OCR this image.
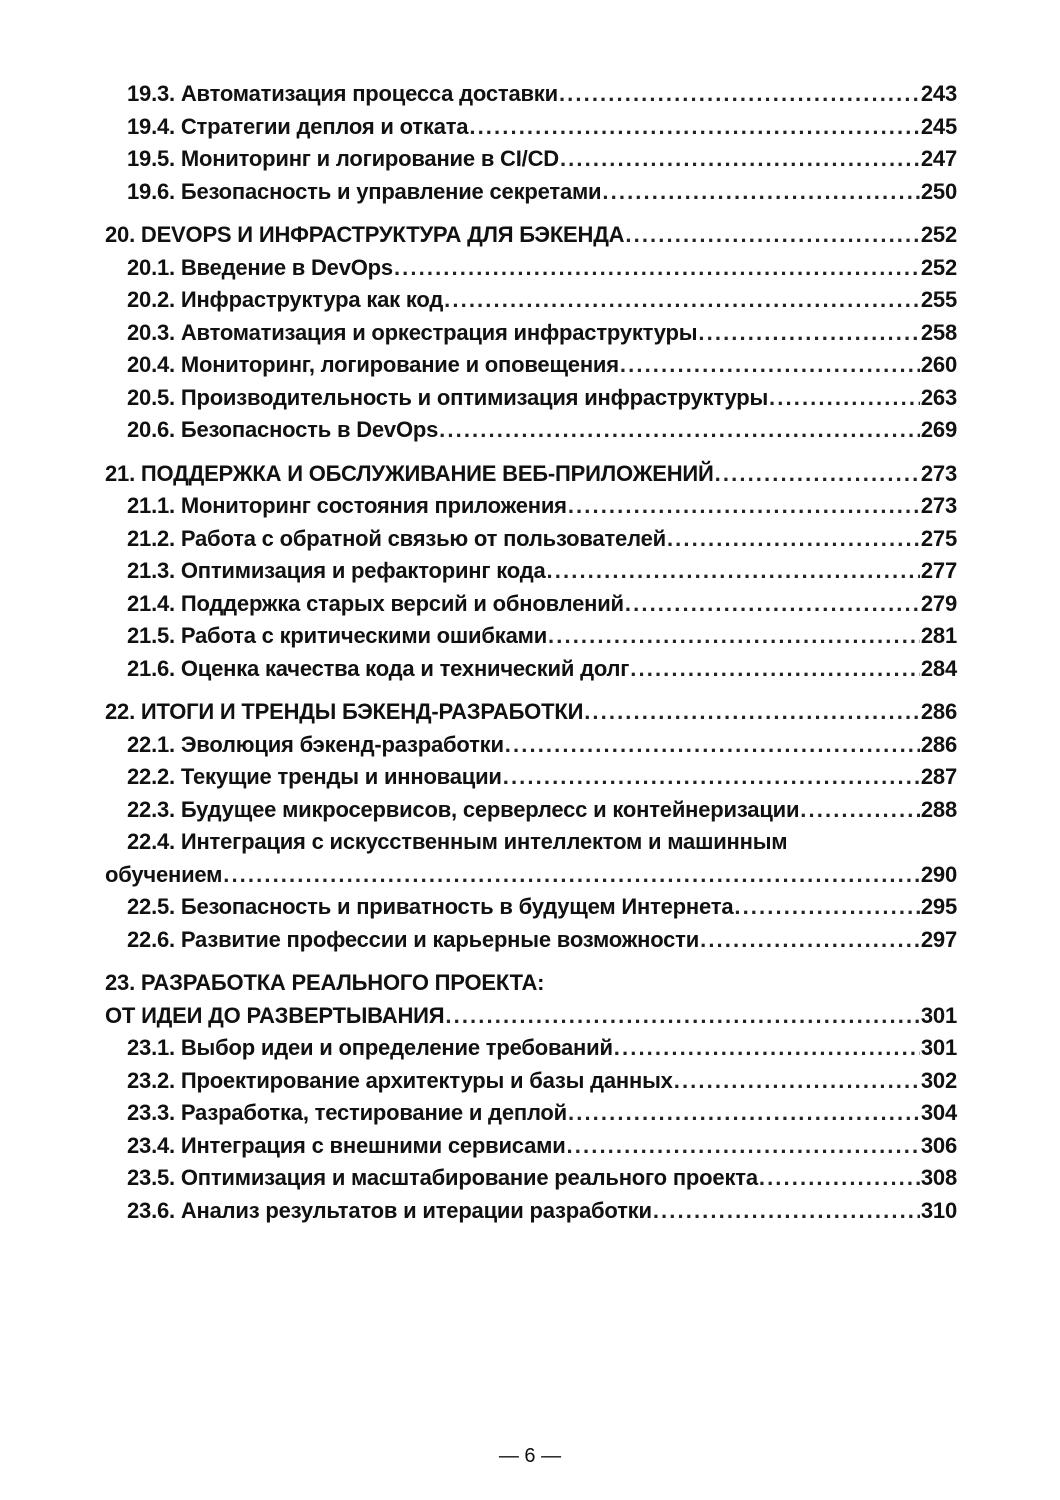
19.3. Автоматизация процесса доставки . . .	243
19.4. Стратегии деплоя и отката . . .	245
19.5. Мониторинг и логирование в CI/CD . . .	247
19.6. Безопасность и управление секретами . . .	250
20. DEVOPS И ИНФРАСТРУКТУРА ДЛЯ БЭКЕНДА . . .	252
20.1. Введение в DevOps . . .	252
20.2. Инфраструктура как код . . .	255
20.3. Автоматизация и оркестрация инфраструктуры . . .	258
20.4. Мониторинг, логирование и оповещения . . .	260
20.5. Производительность и оптимизация инфраструктуры . . .	263
20.6. Безопасность в DevOps . . .	269
21. ПОДДЕРЖКА И ОБСЛУЖИВАНИЕ ВЕБ-ПРИЛОЖЕНИЙ . . .	273
21.1. Мониторинг состояния приложения . . .	273
21.2. Работа с обратной связью от пользователей . . .	275
21.3. Оптимизация и рефакторинг кода . . .	277
21.4. Поддержка старых версий и обновлений . . .	279
21.5. Работа с критическими ошибками . . .	281
21.6. Оценка качества кода и технический долг . . .	284
22. ИТОГИ И ТРЕНДЫ БЭКЕНД-РАЗРАБОТКИ . . .	286
22.1. Эволюция бэкенд-разработки . . .	286
22.2. Текущие тренды и инновации . . .	287
22.3. Будущее микросервисов, серверлесс и контейнеризации . . .	288
22.4. Интеграция с искусственным интеллектом и машинным
обучением . . .	290
22.5. Безопасность и приватность в будущем Интернета . . .	295
22.6. Развитие профессии и карьерные возможности . . .	297
23. РАЗРАБОТКА РЕАЛЬНОГО ПРОЕКТА:
ОТ ИДЕИ ДО РАЗВЕРТЫВАНИЯ . . .	301
23.1. Выбор идеи и определение требований . . .	301
23.2. Проектирование архитектуры и базы данных . . .	302
23.3. Разработка, тестирование и деплой . . .	304
23.4. Интеграция с внешними сервисами . . .	306
23.5. Оптимизация и масштабирование реального проекта . . .	308
23.6. Анализ результатов и итерации разработки . . .	310
— 6 —
